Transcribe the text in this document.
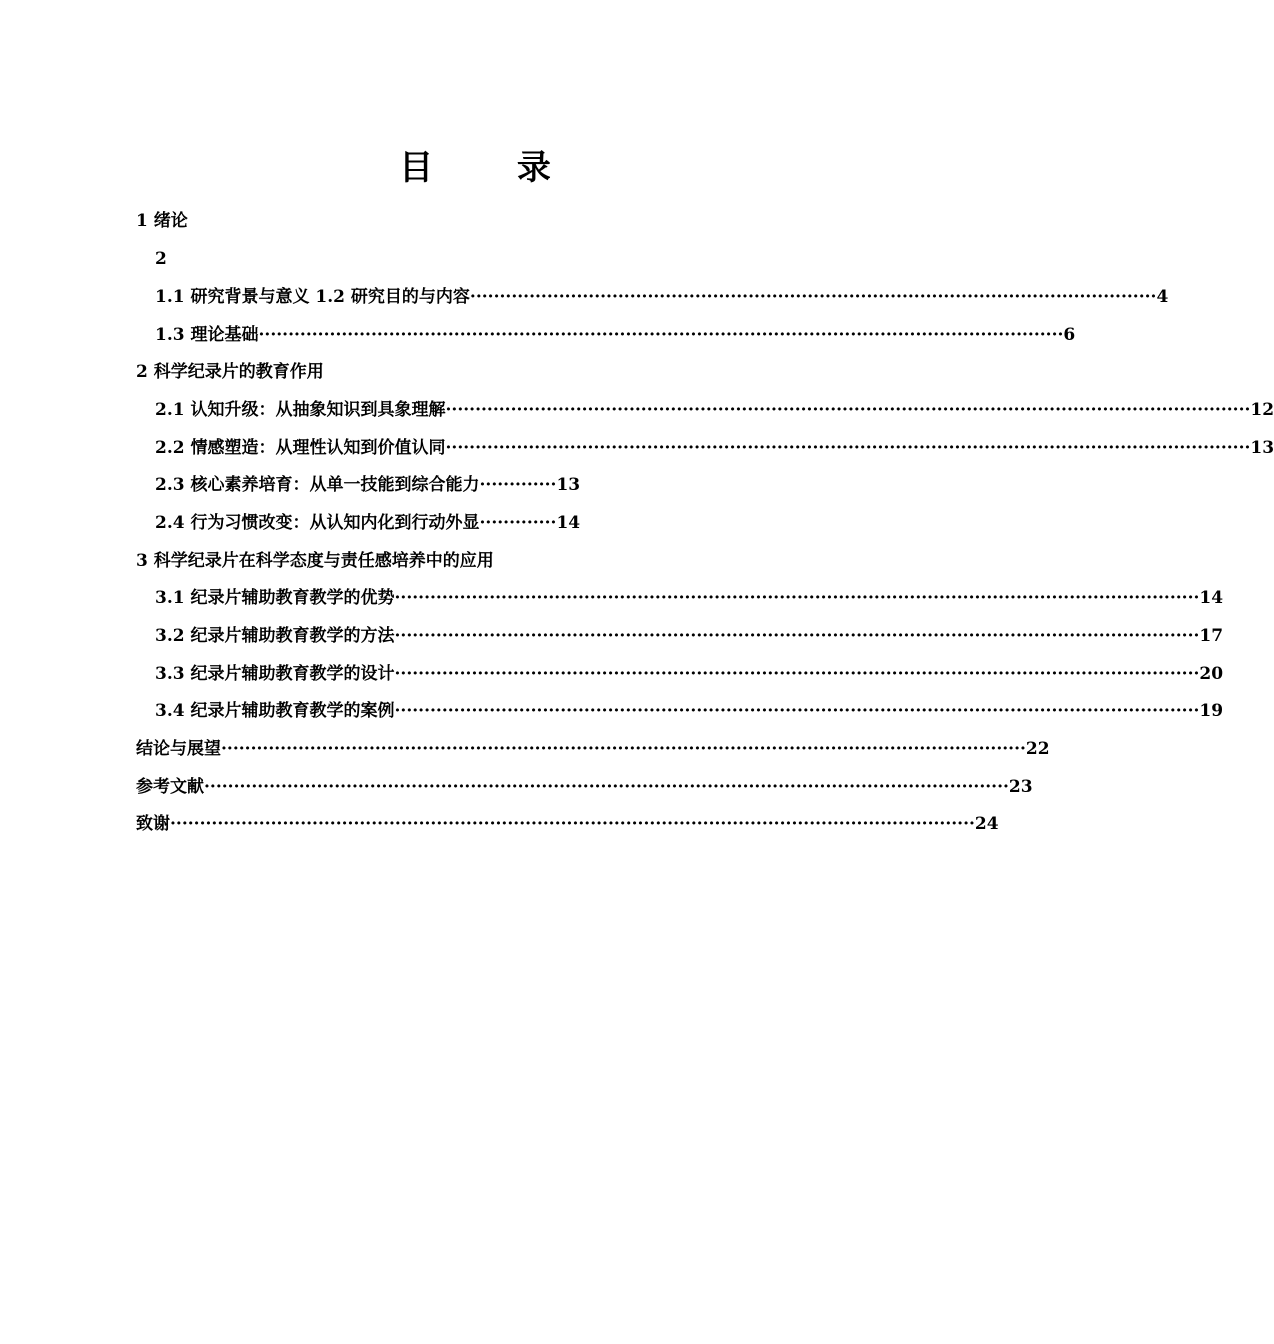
目 录
1 绪论
2
1.1 研究背景与意义 1.2 研究目的与内容·· ·················································································································· 4
1.3 理论基础 ········································································································································ 6
2 科学纪录片的教育作用
2.1 认知升级：从抽象知识到具象理解 ········································································································································ 12
2.2 情感塑造：从理性认知到价值认同 ········································································································································ 13
2.3 核心素养培育：从单一技能到综合能力·············13
2.4 行为习惯改变：从认知内化到行动外显·············14
3 科学纪录片在科学态度与责任感培养中的应用
3.1 纪录片辅助教育教学的优势 ········································································································································ 14
3.2 纪录片辅助教育教学的方法 ········································································································································ 17
3.3 纪录片辅助教育教学的设计 ········································································································································ 20
3.4 纪录片辅助教育教学的案例 ········································································································································ 19
结论与展望 ········································································································································ 22
参考文献 ········································································································································ 23
致谢 ········································································································································ 24
